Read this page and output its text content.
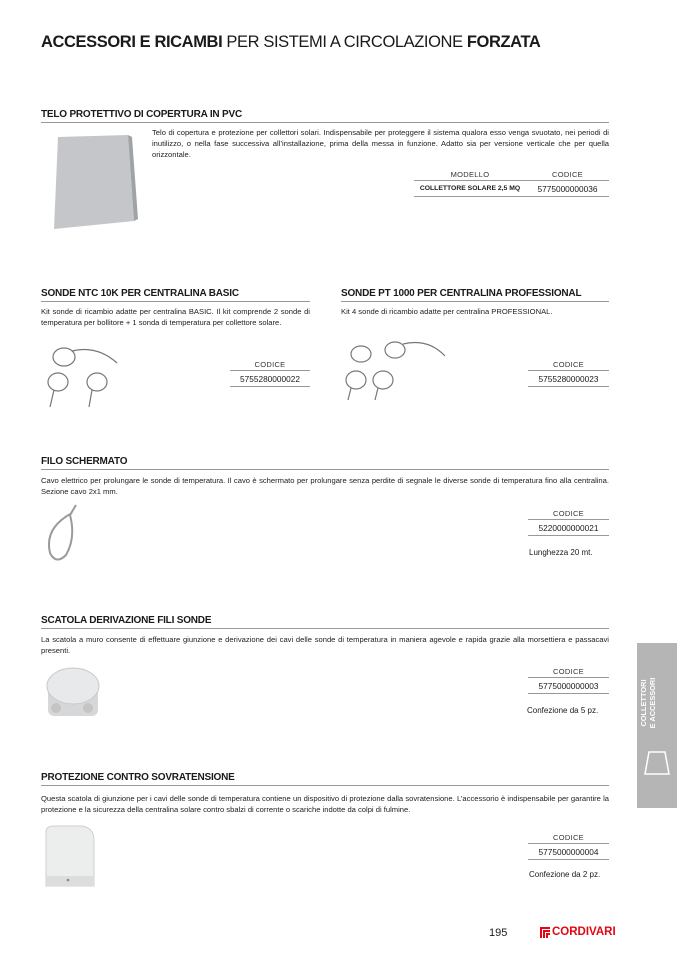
ACCESSORI E RICAMBI PER SISTEMI A CIRCOLAZIONE FORZATA
TELO PROTETTIVO DI COPERTURA IN PVC
Telo di copertura e protezione per collettori solari. Indispensabile per proteggere il sistema qualora esso venga svuotato, nei periodi di inutilizzo, o nella fase successiva all’installazione, prima della messa in funzione. Adatto sia per versione verticale che per quella orizzontale.
MODELLO	CODICE
COLLETTORE SOLARE 2,5 MQ	5775000000036
SONDE NTC 10K PER CENTRALINA BASIC
Kit sonde di ricambio adatte per centralina BASIC. Il kit comprende 2 sonde di temperatura per bollitore + 1 sonda di temperatura per collettore solare.
CODICE
5755280000022
SONDE PT 1000 PER CENTRALINA PROFESSIONAL
Kit 4 sonde di ricambio adatte per centralina PROFESSIONAL.
CODICE
5755280000023
FILO SCHERMATO
Cavo elettrico per prolungare le sonde di temperatura. Il cavo è schermato per prolungare senza perdite di segnale le diverse sonde di temperatura fino alla centralina. Sezione cavo 2x1 mm.
CODICE
5220000000021
Lunghezza 20 mt.
SCATOLA DERIVAZIONE FILI SONDE
La scatola a muro consente di effettuare giunzione e derivazione dei cavi delle sonde di temperatura in maniera agevole e rapida grazie alla morsettiera e passacavi presenti.
CODICE
5775000000003
Confezione da 5 pz.
PROTEZIONE CONTRO SOVRATENSIONE
Questa scatola di giunzione per i cavi delle sonde di temperatura contiene un dispositivo di protezione dalla sovratensione. L’accessorio è indispensabile per garantire la protezione e la sicurezza della centralina solare contro sbalzi di corrente o scariche indotte da colpi di fulmine.
CODICE
5775000000004
Confezione da 2 pz.
COLLETTORI E ACCESSORI
195	CORDIVARI
